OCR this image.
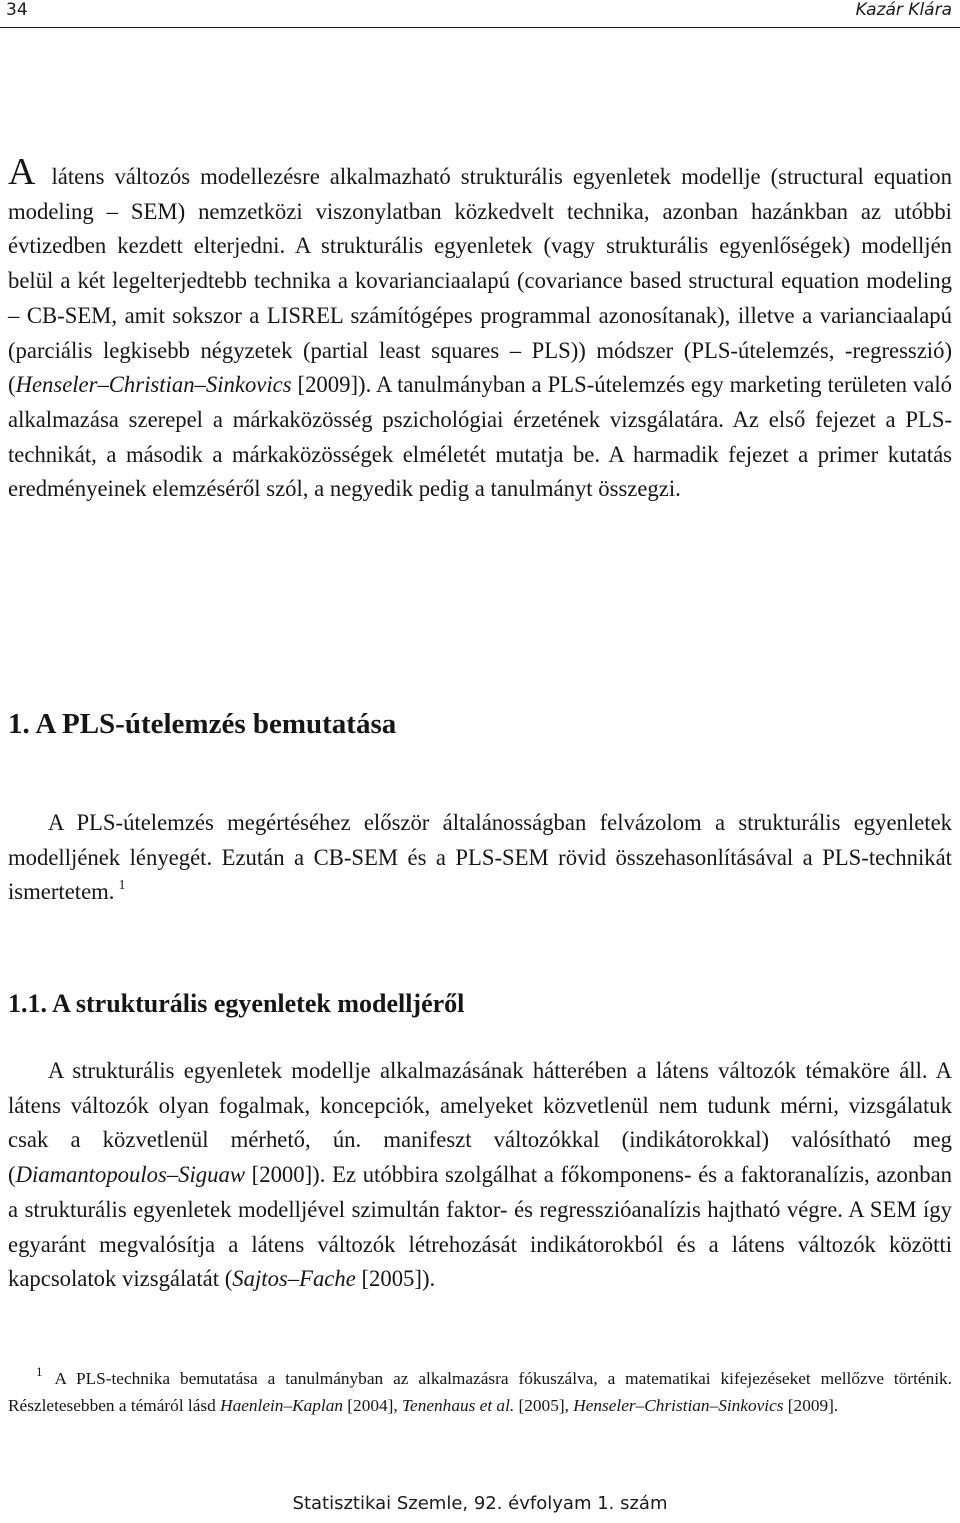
34	Kazár Klára
A látens változós modellezésre alkalmazható strukturális egyenletek modellje (structural equation modeling – SEM) nemzetközi viszonylatban közkedvelt technika, azonban hazánkban az utóbbi évtizedben kezdett elterjedni. A strukturális egyenletek (vagy strukturális egyenlőségek) modelljén belül a két legelterjedtebb technika a kovarianciaalapú (covariance based structural equation modeling – CB-SEM, amit sokszor a LISREL számítógépes programmal azonosítanak), illetve a varianciaalapú (parciális legkisebb négyzetek (partial least squares – PLS)) módszer (PLS-útelemzés, -regresszió) (Henseler–Christian–Sinkovics [2009]). A tanulmányban a PLS-útelemzés egy marketing területen való alkalmazása szerepel a márkaközösség pszichológiai érzetének vizsgálatára. Az első fejezet a PLS-technikát, a második a márkaközösségek elméletét mutatja be. A harmadik fejezet a primer kutatás eredményeinek elemzéséről szól, a negyedik pedig a tanulmányt összegzi.
1. A PLS-útelemzés bemutatása
A PLS-útelemzés megértéséhez először általánosságban felvázolom a strukturális egyenletek modelljének lényegét. Ezután a CB-SEM és a PLS-SEM rövid összehasonlításával a PLS-technikát ismertetem. $^1$
1.1. A strukturális egyenletek modelljéről
A strukturális egyenletek modellje alkalmazásának hátterében a látens változók témaköre áll. A látens változók olyan fogalmak, koncepciók, amelyeket közvetlenül nem tudunk mérni, vizsgálatuk csak a közvetlenül mérhető, ún. manifeszt változókkal (indikátorokkal) valósítható meg (Diamantopoulos–Siguaw [2000]). Ez utóbbira szolgálhat a főkomponens- és a faktoranalízis, azonban a strukturális egyenletek modelljével szimultán faktor- és regresszióanalízis hajtható végre. A SEM így egyaránt megvalósítja a látens változók létrehozását indikátorokból és a látens változók közötti kapcsolatok vizsgálatát (Sajtos–Fache [2005]).
$^1$ A PLS-technika bemutatása a tanulmányban az alkalmazásra fókuszálva, a matematikai kifejezéseket mellőzve történik. Részletesebben a témáról lásd Haenlein–Kaplan [2004], Tenenhaus et al. [2005], Henseler–Christian–Sinkovics [2009].
Statisztikai Szemle, 92. évfolyam 1. szám
